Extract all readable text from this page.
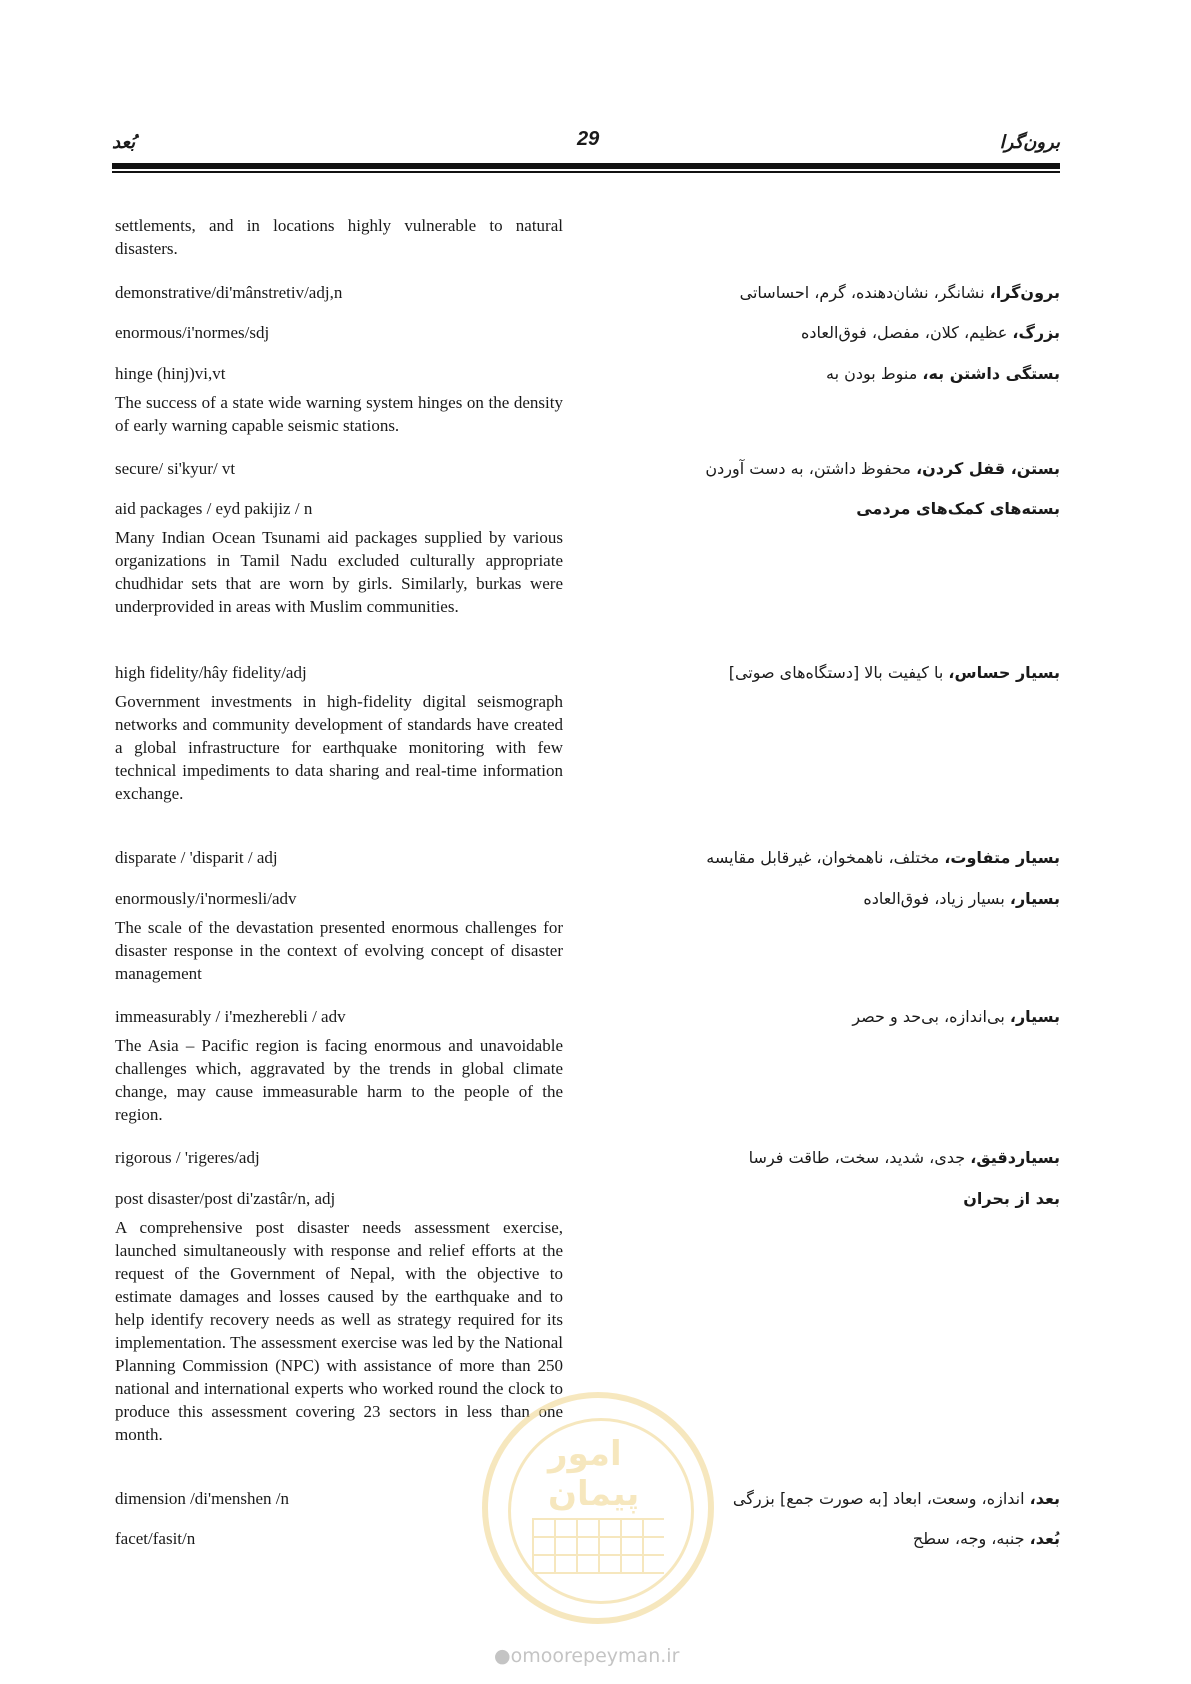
بُعد	29	برون‌گرا
settlements, and in locations highly vulnerable to natural disasters.
demonstrative/di'mânstretiv/adj,n
enormous/i'normes/sdj
hinge (hinj)vi,vt
The success of a state wide warning system hinges on the density of early warning capable seismic stations.
secure/ si'kyur/ vt
aid packages / eyd pakijiz / n
Many Indian Ocean Tsunami aid packages supplied by various organizations in Tamil Nadu excluded culturally appropriate chudhidar sets that are worn by girls. Similarly, burkas were underprovided in areas with Muslim communities.
high fidelity/hây fidelity/adj
Government investments in high-fidelity digital seismograph networks and community development of standards have created a global infrastructure for earthquake monitoring with few technical impediments to data sharing and real-time information exchange.
disparate / 'disparit / adj
enormously/i'normesli/adv
The scale of the devastation presented enormous challenges for disaster response in the context of evolving concept of disaster management
immeasurably / i'mezherebli / adv
The Asia – Pacific region is facing enormous and unavoidable challenges which, aggravated by the trends in global climate change, may cause immeasurable harm to the people of the region.
rigorous / 'rigeres/adj
post disaster/post di'zastâr/n, adj
A comprehensive post disaster needs assessment exercise, launched simultaneously with response and relief efforts at the request of the Government of Nepal, with the objective to estimate damages and losses caused by the earthquake and to help identify recovery needs as well as strategy required for its implementation. The assessment exercise was led by the National Planning Commission (NPC) with assistance of more than 250 national and international experts who worked round the clock to produce this assessment covering 23 sectors in less than one month.
dimension /di'menshen /n
facet/fasit/n
برون‌گرا، نشانگر، نشان‌دهنده، گرم، احساساتی
بزرگ، عظیم، کلان، مفصل، فوق‌العاده
بستگی داشتن به، منوط بودن به
بستن، قفل کردن، محفوظ داشتن، به دست آوردن
بسته‌های کمک‌های مردمی
بسیار حساس، با کیفیت بالا [دستگاه‌های صوتی]
بسیار متفاوت، مختلف، ناهمخوان، غیرقابل مقایسه
بسیار، بسیار زیاد، فوق‌العاده
بسیار، بی‌اندازه، بی‌حد و حصر
بسیاردقیق، جدی، شدید، سخت، طاقت فرسا
بعد از بحران
بعد، اندازه، وسعت، ابعاد [به صورت جمع] بزرگی
بُعد، جنبه، وجه، سطح
امور پیمان
●omoorepeyman.ir
